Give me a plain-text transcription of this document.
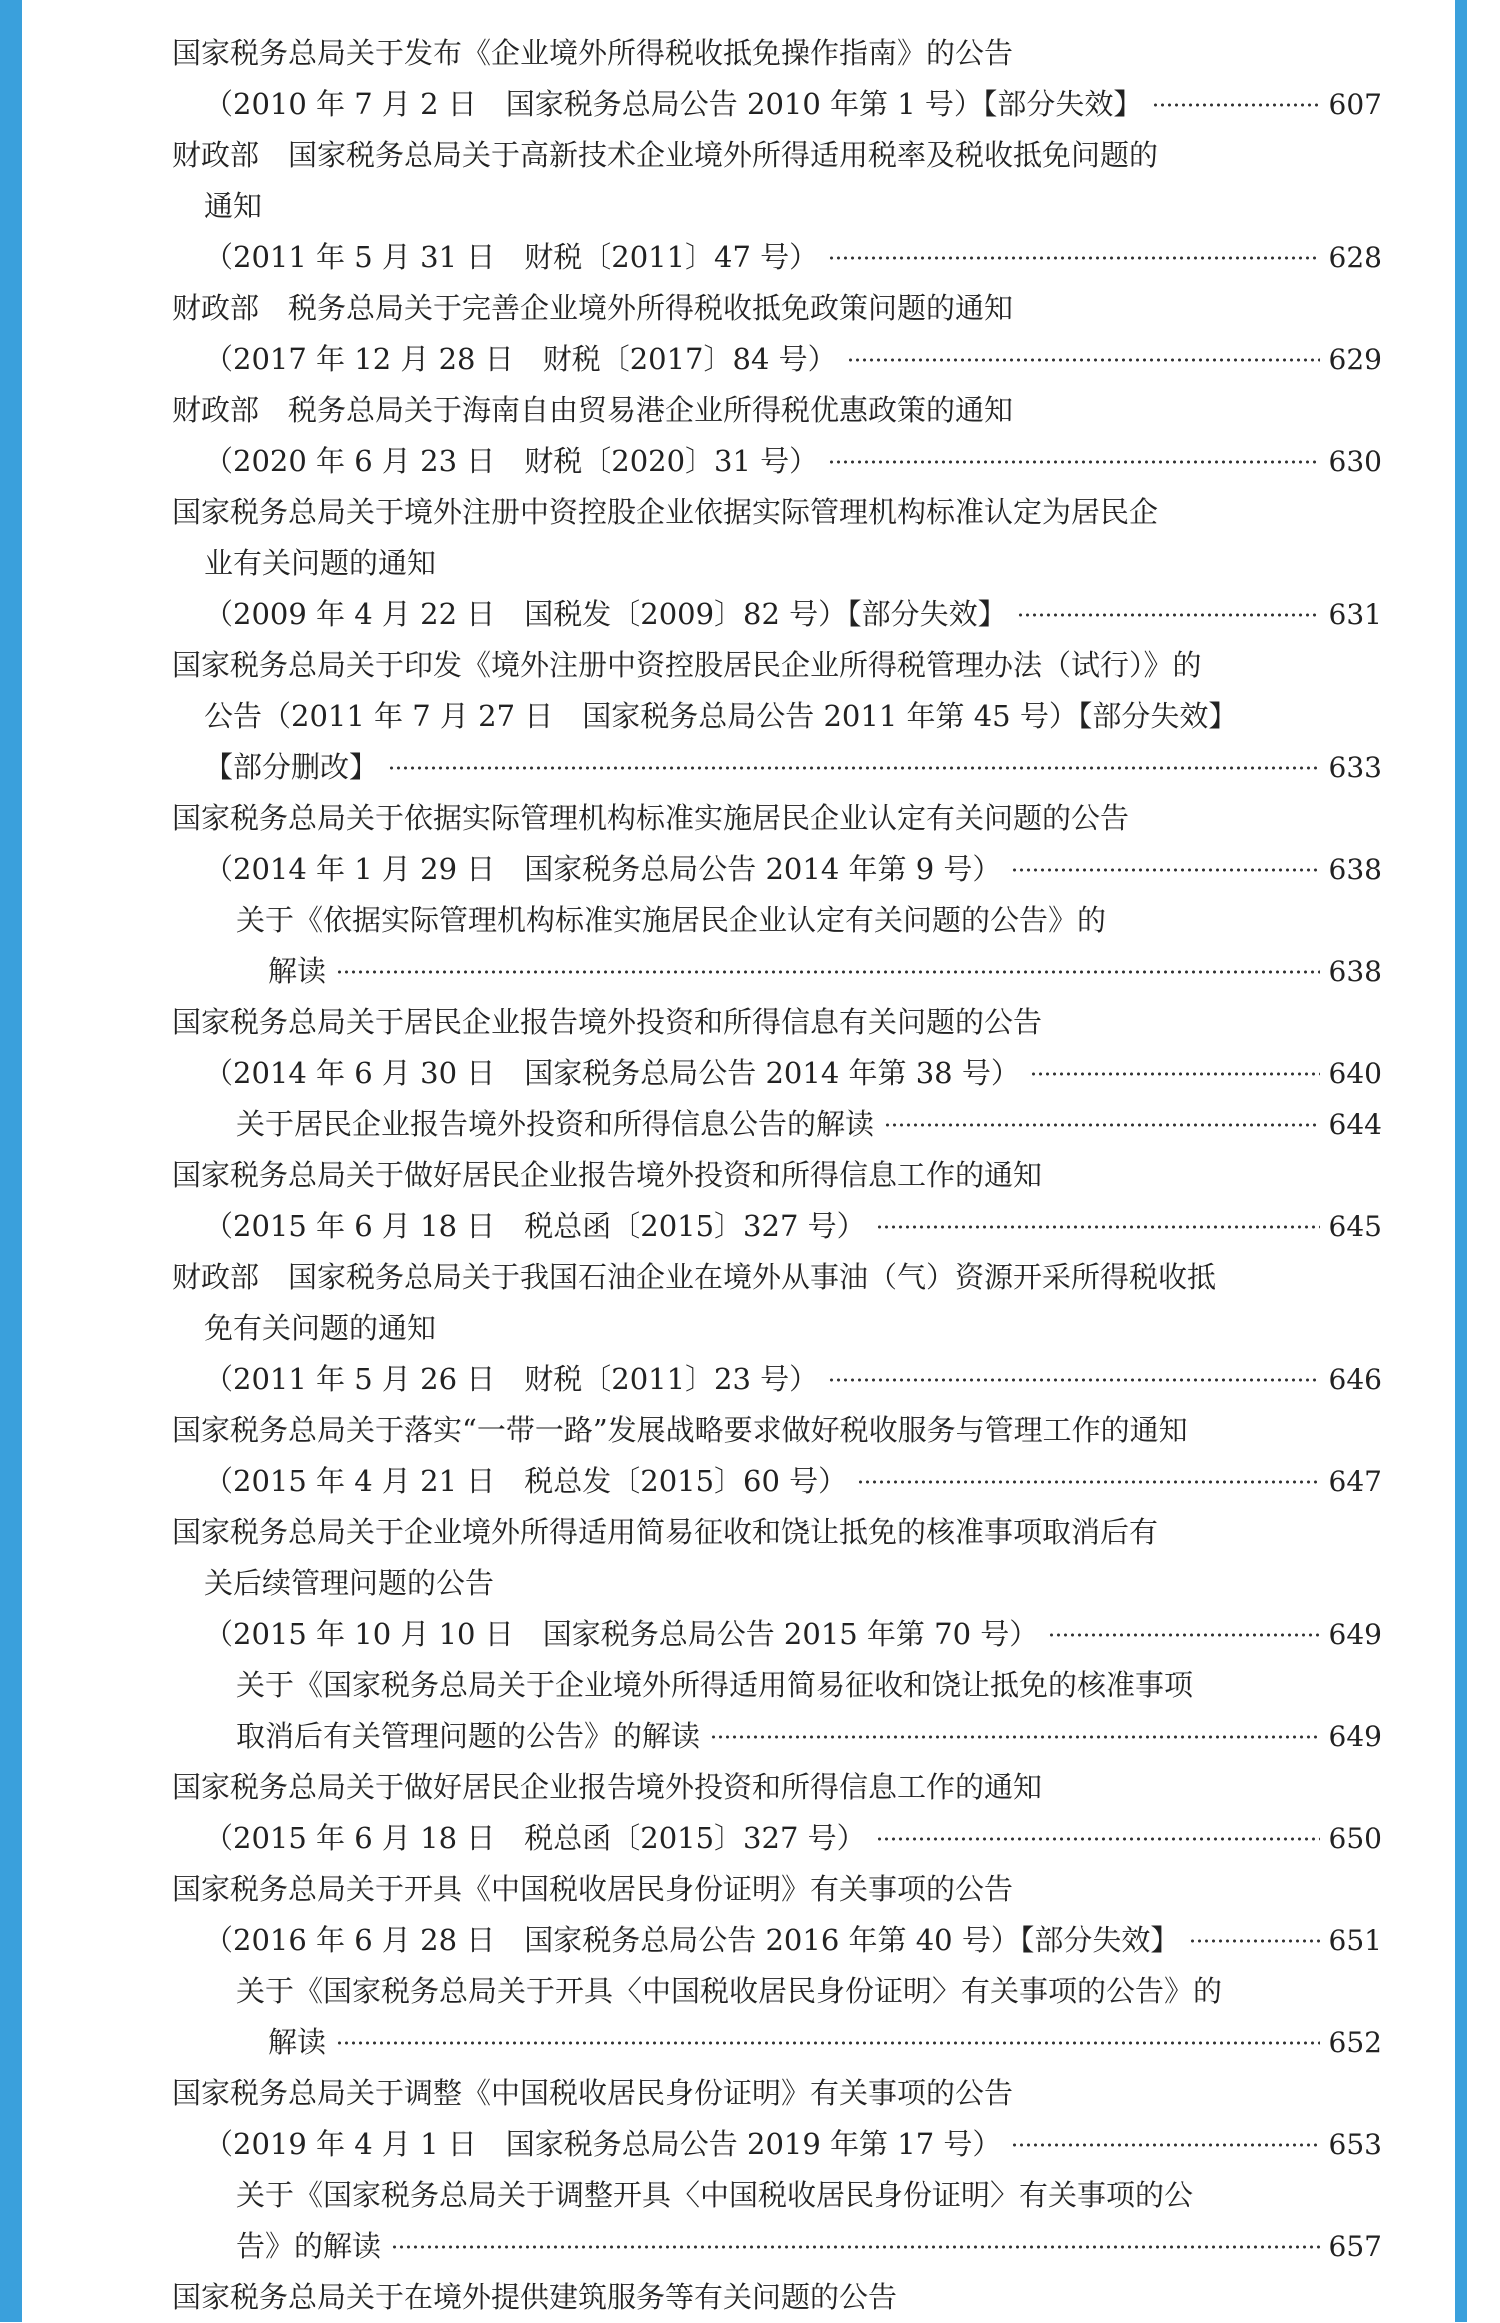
国家税务总局关于发布《企业境外所得税收抵免操作指南》的公告
（2010 年 7 月 2 日　国家税务总局公告 2010 年第 1 号）【部分失效】	607
财政部　国家税务总局关于高新技术企业境外所得适用税率及税收抵免问题的
通知
（2011 年 5 月 31 日　财税〔2011〕47 号）	628
财政部　税务总局关于完善企业境外所得税收抵免政策问题的通知
（2017 年 12 月 28 日　财税〔2017〕84 号）	629
财政部　税务总局关于海南自由贸易港企业所得税优惠政策的通知
（2020 年 6 月 23 日　财税〔2020〕31 号）	630
国家税务总局关于境外注册中资控股企业依据实际管理机构标准认定为居民企
业有关问题的通知
（2009 年 4 月 22 日　国税发〔2009〕82 号）【部分失效】	631
国家税务总局关于印发《境外注册中资控股居民企业所得税管理办法（试行）》的
公告（2011 年 7 月 27 日　国家税务总局公告 2011 年第 45 号）【部分失效】
【部分删改】	633
国家税务总局关于依据实际管理机构标准实施居民企业认定有关问题的公告
（2014 年 1 月 29 日　国家税务总局公告 2014 年第 9 号）	638
关于《依据实际管理机构标准实施居民企业认定有关问题的公告》的
解读	638
国家税务总局关于居民企业报告境外投资和所得信息有关问题的公告
（2014 年 6 月 30 日　国家税务总局公告 2014 年第 38 号）	640
关于居民企业报告境外投资和所得信息公告的解读	644
国家税务总局关于做好居民企业报告境外投资和所得信息工作的通知
（2015 年 6 月 18 日　税总函〔2015〕327 号）	645
财政部　国家税务总局关于我国石油企业在境外从事油（气）资源开采所得税收抵
免有关问题的通知
（2011 年 5 月 26 日　财税〔2011〕23 号）	646
国家税务总局关于落实“一带一路”发展战略要求做好税收服务与管理工作的通知
（2015 年 4 月 21 日　税总发〔2015〕60 号）	647
国家税务总局关于企业境外所得适用简易征收和饶让抵免的核准事项取消后有
关后续管理问题的公告
（2015 年 10 月 10 日　国家税务总局公告 2015 年第 70 号）	649
关于《国家税务总局关于企业境外所得适用简易征收和饶让抵免的核准事项
取消后有关管理问题的公告》的解读	649
国家税务总局关于做好居民企业报告境外投资和所得信息工作的通知
（2015 年 6 月 18 日　税总函〔2015〕327 号）	650
国家税务总局关于开具《中国税收居民身份证明》有关事项的公告
（2016 年 6 月 28 日　国家税务总局公告 2016 年第 40 号）【部分失效】	651
关于《国家税务总局关于开具〈中国税收居民身份证明〉有关事项的公告》的
解读	652
国家税务总局关于调整《中国税收居民身份证明》有关事项的公告
（2019 年 4 月 1 日　国家税务总局公告 2019 年第 17 号）	653
关于《国家税务总局关于调整开具〈中国税收居民身份证明〉有关事项的公
告》的解读	657
国家税务总局关于在境外提供建筑服务等有关问题的公告
